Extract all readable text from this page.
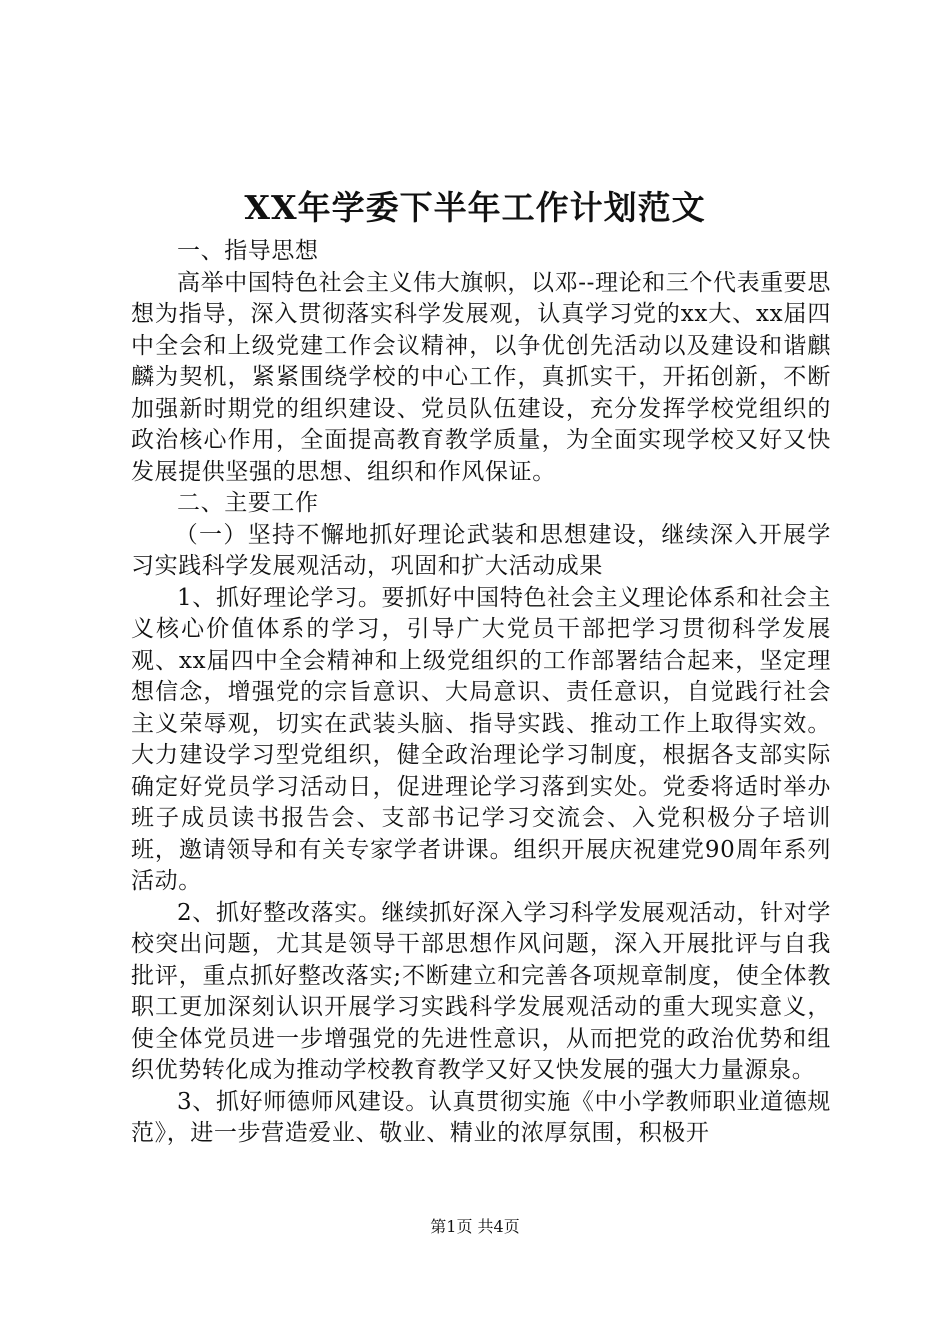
XX年学委下半年工作计划范文

一、指导思想

高举中国特色社会主义伟大旗帜，以邓--理论和三个代表重要思想为指导，深入贯彻落实科学发展观，认真学习党的xx大、xx届四中全会和上级党建工作会议精神，以争优创先活动以及建设和谐麒麟为契机，紧紧围绕学校的中心工作，真抓实干，开拓创新，不断加强新时期党的组织建设、党员队伍建设，充分发挥学校党组织的政治核心作用，全面提高教育教学质量，为全面实现学校又好又快发展提供坚强的思想、组织和作风保证。

二、主要工作

（一）坚持不懈地抓好理论武装和思想建设，继续深入开展学习实践科学发展观活动，巩固和扩大活动成果

1、抓好理论学习。要抓好中国特色社会主义理论体系和社会主义核心价值体系的学习，引导广大党员干部把学习贯彻科学发展观、xx届四中全会精神和上级党组织的工作部署结合起来，坚定理想信念，增强党的宗旨意识、大局意识、责任意识，自觉践行社会主义荣辱观，切实在武装头脑、指导实践、推动工作上取得实效。大力建设学习型党组织，健全政治理论学习制度，根据各支部实际确定好党员学习活动日，促进理论学习落到实处。党委将适时举办班子成员读书报告会、支部书记学习交流会、入党积极分子培训班，邀请领导和有关专家学者讲课。组织开展庆祝建党90周年系列活动。

2、抓好整改落实。继续抓好深入学习科学发展观活动，针对学校突出问题，尤其是领导干部思想作风问题，深入开展批评与自我批评，重点抓好整改落实;不断建立和完善各项规章制度，使全体教职工更加深刻认识开展学习实践科学发展观活动的重大现实意义，使全体党员进一步增强党的先进性意识，从而把党的政治优势和组织优势转化成为推动学校教育教学又好又快发展的强大力量源泉。

3、抓好师德师风建设。认真贯彻实施《中小学教师职业道德规范》，进一步营造爱业、敬业、精业的浓厚氛围，积极开

第1页 共4页
